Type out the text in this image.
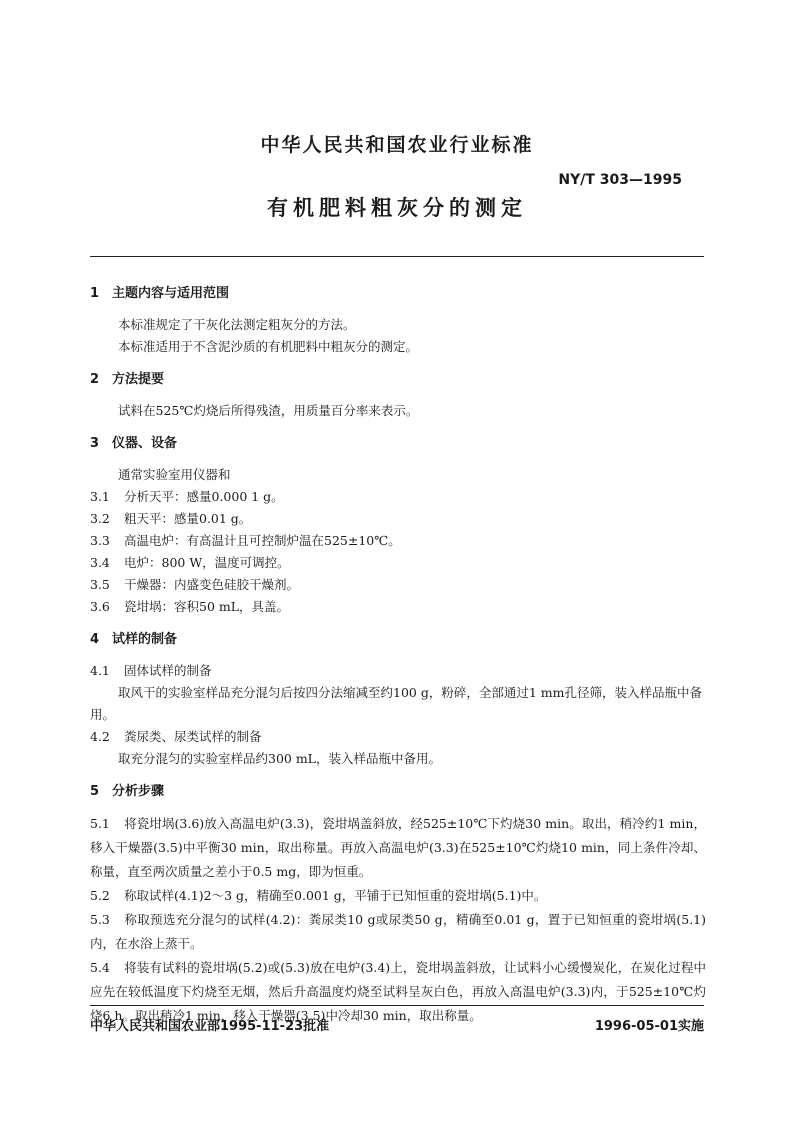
中华人民共和国农业行业标准
NY/T 303—1995
有机肥料粗灰分的测定
1 主题内容与适用范围

本标准规定了干灰化法测定粗灰分的方法。

本标准适用于不含泥沙质的有机肥料中粗灰分的测定。

2 方法提要

试料在525℃灼烧后所得残渣，用质量百分率来表示。

3 仪器、设备

通常实验室用仪器和

3.1 分析天平：感量0.000 1 g。

3.2 粗天平：感量0.01 g。

3.3 高温电炉：有高温计且可控制炉温在525±10℃。

3.4 电炉：800 W，温度可调控。

3.5 干燥器：内盛变色硅胶干燥剂。

3.6 瓷坩埚：容积50 mL，具盖。

4 试样的制备

4.1 固体试样的制备

取风干的实验室样品充分混匀后按四分法缩减至约100 g，粉碎，全部通过1 mm孔径筛，装入样品瓶中备用。

4.2 粪尿类、尿类试样的制备

取充分混匀的实验室样品约300 mL，装入样品瓶中备用。

5 分析步骤

5.1 将瓷坩埚(3.6)放入高温电炉(3.3)，瓷坩埚盖斜放，经525±10℃下灼烧30 min。取出，稍冷约1 min，移入干燥器(3.5)中平衡30 min，取出称量。再放入高温电炉(3.3)在525±10℃灼烧10 min，同上条件冷却、称量，直至两次质量之差小于0.5 mg，即为恒重。

5.2 称取试样(4.1)2～3 g，精确至0.001 g，平铺于已知恒重的瓷坩埚(5.1)中。

5.3 称取预选充分混匀的试样(4.2)：粪尿类10 g或尿类50 g，精确至0.01 g，置于已知恒重的瓷坩埚(5.1)内，在水浴上蒸干。

5.4 将装有试料的瓷坩埚(5.2)或(5.3)放在电炉(3.4)上，瓷坩埚盖斜放，让试料小心缓慢炭化，在炭化过程中应先在较低温度下灼烧至无烟，然后升高温度灼烧至试料呈灰白色，再放入高温电炉(3.3)内，于525±10℃灼烧6 h。取出稍冷1 min，移入干燥器(3.5)中冷却30 min，取出称量。

中华人民共和国农业部1995-11-23批准	1996-05-01实施
